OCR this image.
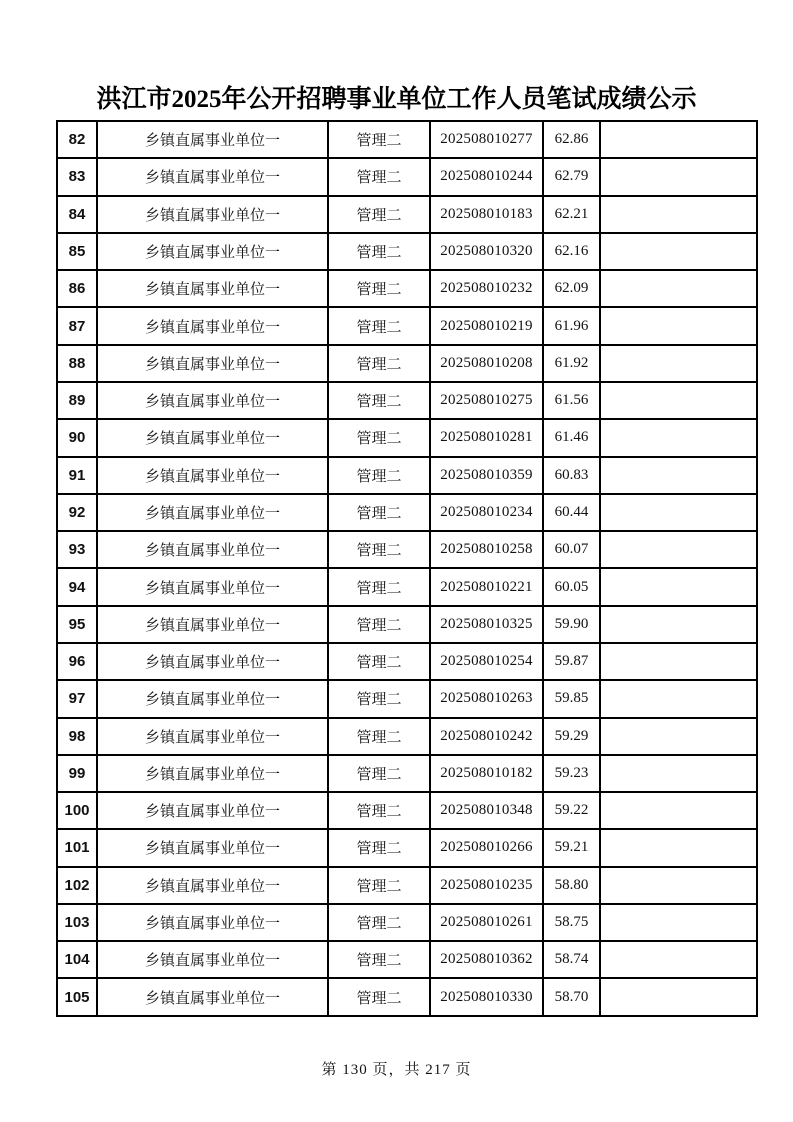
洪江市2025年公开招聘事业单位工作人员笔试成绩公示
82	乡镇直属事业单位一	管理二	202508010277	62.86	
83	乡镇直属事业单位一	管理二	202508010244	62.79	
84	乡镇直属事业单位一	管理二	202508010183	62.21	
85	乡镇直属事业单位一	管理二	202508010320	62.16	
86	乡镇直属事业单位一	管理二	202508010232	62.09	
87	乡镇直属事业单位一	管理二	202508010219	61.96	
88	乡镇直属事业单位一	管理二	202508010208	61.92	
89	乡镇直属事业单位一	管理二	202508010275	61.56	
90	乡镇直属事业单位一	管理二	202508010281	61.46	
91	乡镇直属事业单位一	管理二	202508010359	60.83	
92	乡镇直属事业单位一	管理二	202508010234	60.44	
93	乡镇直属事业单位一	管理二	202508010258	60.07	
94	乡镇直属事业单位一	管理二	202508010221	60.05	
95	乡镇直属事业单位一	管理二	202508010325	59.90	
96	乡镇直属事业单位一	管理二	202508010254	59.87	
97	乡镇直属事业单位一	管理二	202508010263	59.85	
98	乡镇直属事业单位一	管理二	202508010242	59.29	
99	乡镇直属事业单位一	管理二	202508010182	59.23	
100	乡镇直属事业单位一	管理二	202508010348	59.22	
101	乡镇直属事业单位一	管理二	202508010266	59.21	
102	乡镇直属事业单位一	管理二	202508010235	58.80	
103	乡镇直属事业单位一	管理二	202508010261	58.75	
104	乡镇直属事业单位一	管理二	202508010362	58.74	
105	乡镇直属事业单位一	管理二	202508010330	58.70	
第 130 页，共 217 页
